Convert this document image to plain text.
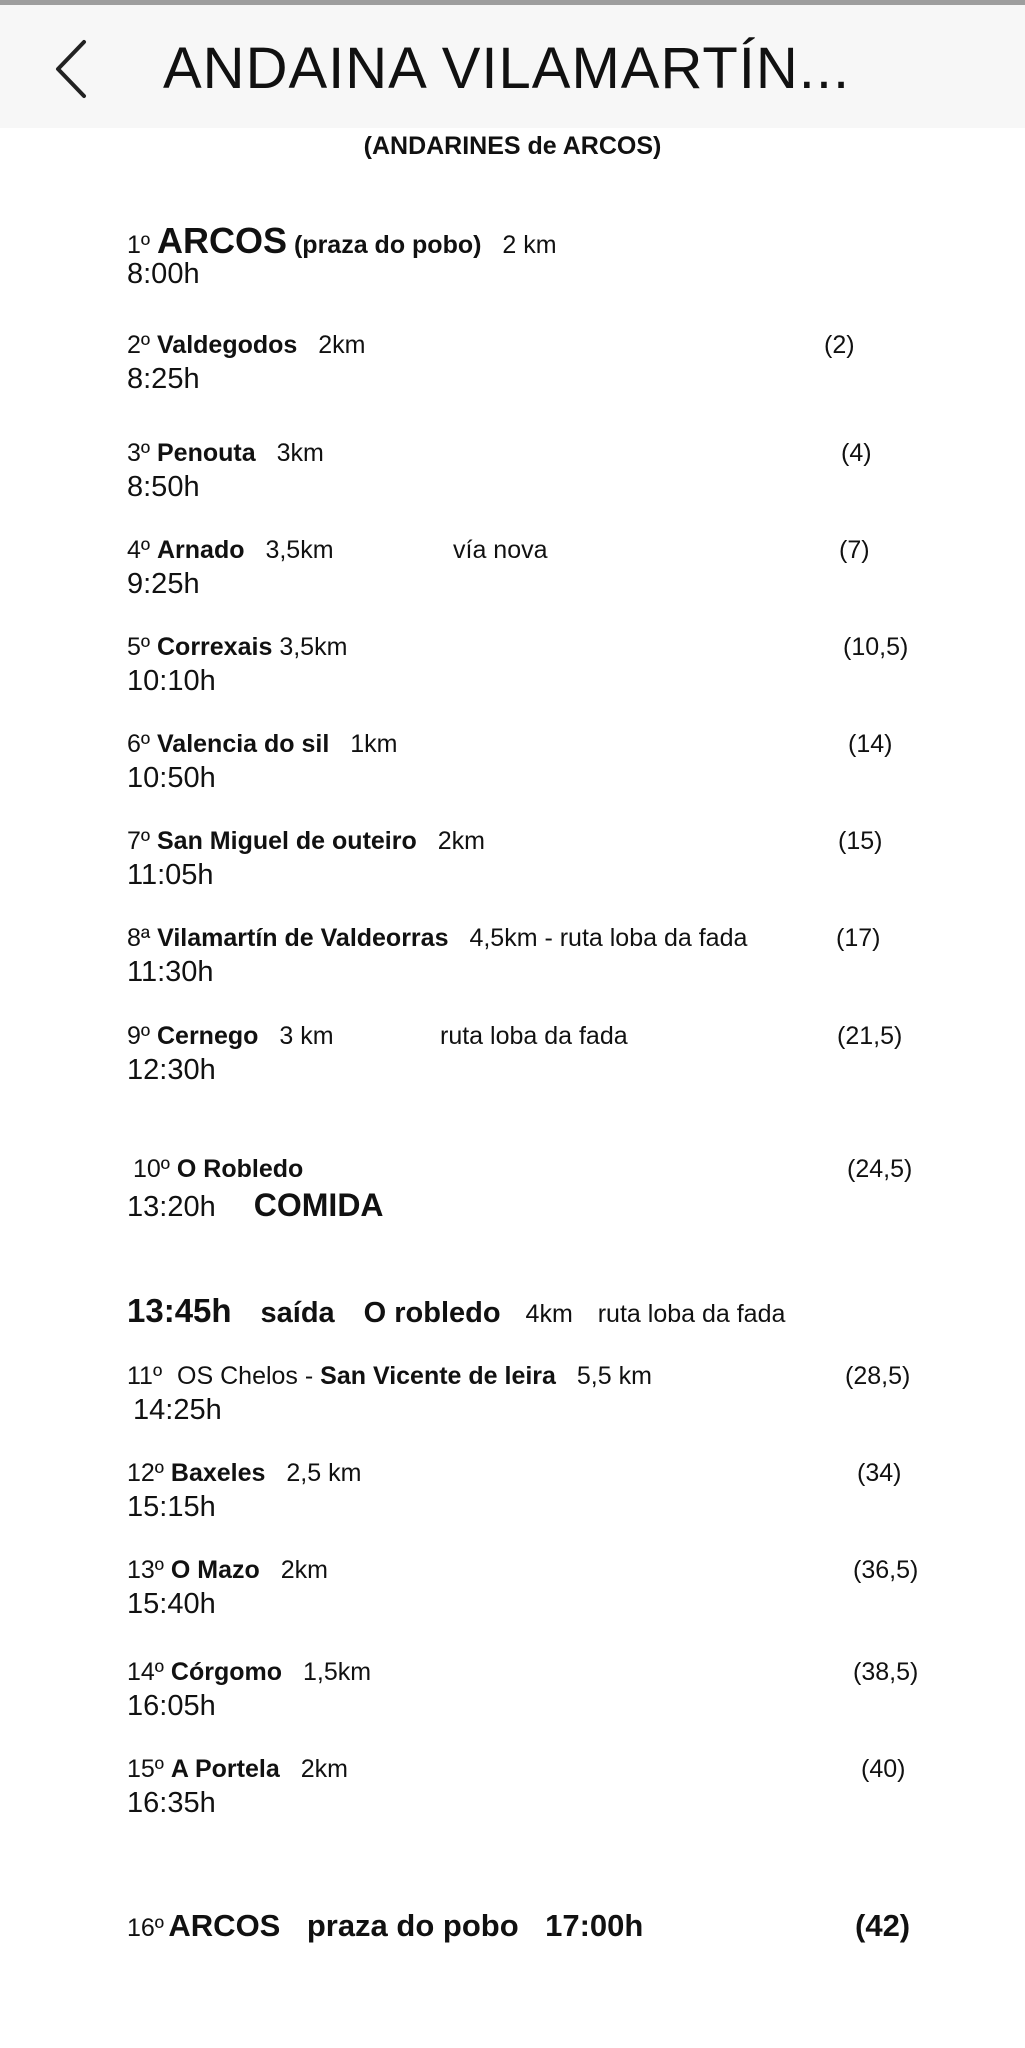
ANDAINA VILAMARTÍN...
(ANDARINES de ARCOS)
1º ARCOS (praza do pobo) 2 km
8:00h
2º Valdegodos 2km	(2)
8:25h
3º Penouta 3km	(4)
8:50h
4º Arnado 3,5km	vía nova	(7)
9:25h
5º Correxais 3,5km	(10,5)
10:10h
6º Valencia do sil 1km	(14)
10:50h
7º San Miguel de outeiro 2km	(15)
11:05h
8ª Vilamartín de Valdeorras 4,5km - ruta loba da fada	(17)
11:30h
9º Cernego 3 km	ruta loba da fada	(21,5)
12:30h
10º O Robledo	(24,5)
13:20h COMIDA
13:45h saída O robledo 4km ruta loba da fada
11º OS Chelos - San Vicente de leira 5,5 km	(28,5)
14:25h
12º Baxeles 2,5 km	(34)
15:15h
13º O Mazo 2km	(36,5)
15:40h
14º Córgomo 1,5km	(38,5)
16:05h
15º A Portela 2km	(40)
16:35h
16º ARCOS praza do pobo 17:00h	(42)
